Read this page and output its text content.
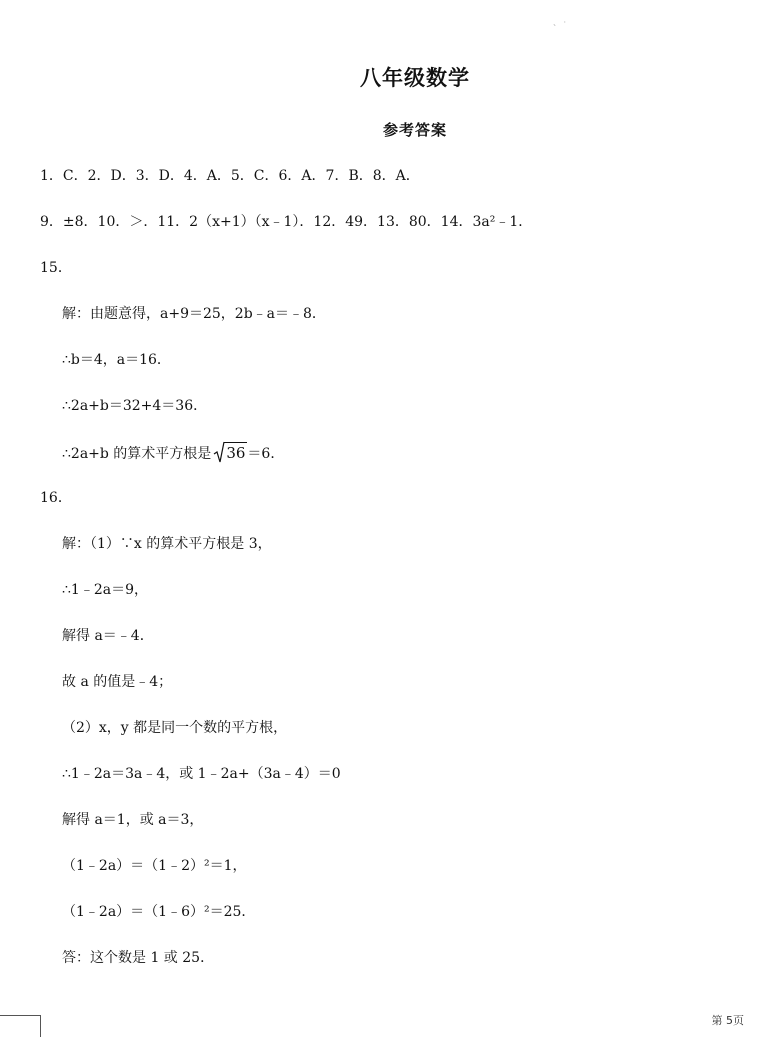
、 ·
八年级数学
参考答案
1．C．2．D．3．D．4．A．5．C．6．A．7．B．8．A．
9．±8．10．＞．11．2（x+1）（x﹣1）．12．49．13．80．14．3a²﹣1．
15．
解：由题意得，a+9＝25，2b﹣a＝﹣8．
∴b＝4，a＝16．
∴2a+b＝32+4＝36．
∴2a+b 的算术平方根是 36 ＝6．
16．
解：（1）∵x 的算术平方根是 3，
∴1﹣2a＝9，
解得 a＝﹣4．
故 a 的值是﹣4；
（2）x，y 都是同一个数的平方根，
∴1﹣2a＝3a﹣4，或 1﹣2a+（3a﹣4）＝0
解得 a＝1，或 a＝3，
（1﹣2a）＝（1﹣2）²＝1，
（1﹣2a）＝（1﹣6）²＝25．
答：这个数是 1 或 25．
第 5页
